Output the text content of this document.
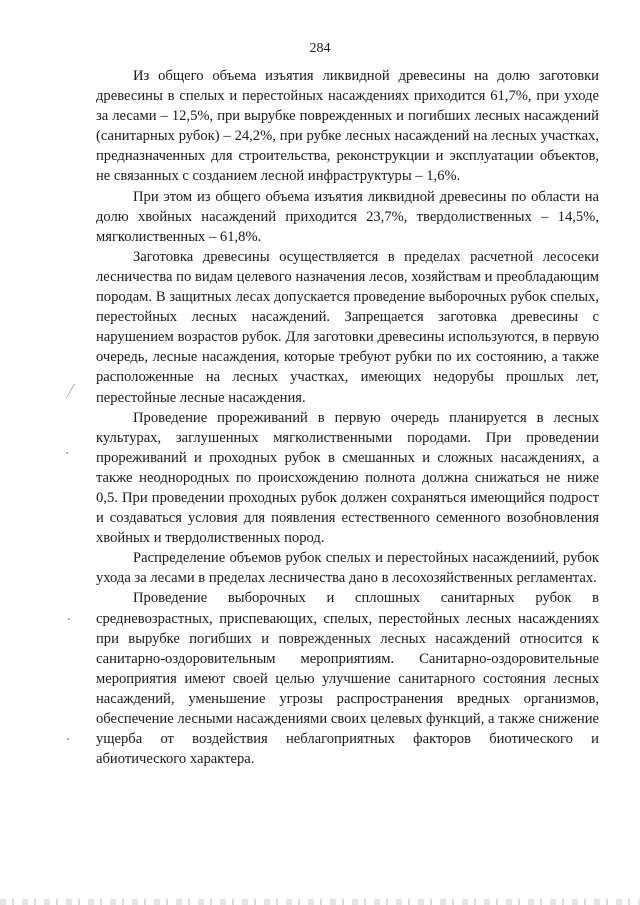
284

Из общего объема изъятия ликвидной древесины на долю заготовки древесины в спелых и перестойных насаждениях приходится 61,7%, при уходе за лесами – 12,5%, при вырубке поврежденных и погибших лесных насаждений (санитарных рубок) – 24,2%, при рубке лесных насаждений на лесных участках, предназначенных для строительства, реконструкции и эксплуатации объектов, не связанных с созданием лесной инфраструктуры – 1,6%.

При этом из общего объема изъятия ликвидной древесины по области на долю хвойных насаждений приходится 23,7%, твердолиственных – 14,5%, мягколиственных – 61,8%.

Заготовка древесины осуществляется в пределах расчетной лесосеки лесничества по видам целевого назначения лесов, хозяйствам и преобладающим породам. В защитных лесах допускается проведение выборочных рубок спелых, перестойных лесных насаждений. Запрещается заготовка древесины с нарушением возрастов рубок. Для заготовки древесины используются, в первую очередь, лесные насаждения, которые требуют рубки по их состоянию, а также расположенные на лесных участках, имеющих недорубы прошлых лет, перестойные лесные насаждения.

Проведение прореживаний в первую очередь планируется в лесных культурах, заглушенных мягколиственными породами. При проведении прореживаний и проходных рубок в смешанных и сложных насаждениях, а также неоднородных по происхождению полнота должна снижаться не ниже 0,5. При проведении проходных рубок должен сохраняться имеющийся подрост и создаваться условия для появления естественного семенного возобновления хвойных и твердолиственных пород.

Распределение объемов рубок спелых и перестойных насаждениий, рубок ухода за лесами в пределах лесничества дано в лесохозяйственных регламентах.

Проведение выборочных и сплошных санитарных рубок в средневозрастных, приспевающих, спелых, перестойных лесных насаждениях при вырубке погибших и поврежденных лесных насаждений относится к санитарно-оздоровительным мероприятиям. Санитарно-оздоровительные мероприятия имеют своей целью улучшение санитарного состояния лесных насаждений, уменьшение угрозы распространения вредных организмов, обеспечение лесными насаждениями своих целевых функций, а также снижение ущерба от воздействия неблагоприятных факторов биотического и абиотического характера.
